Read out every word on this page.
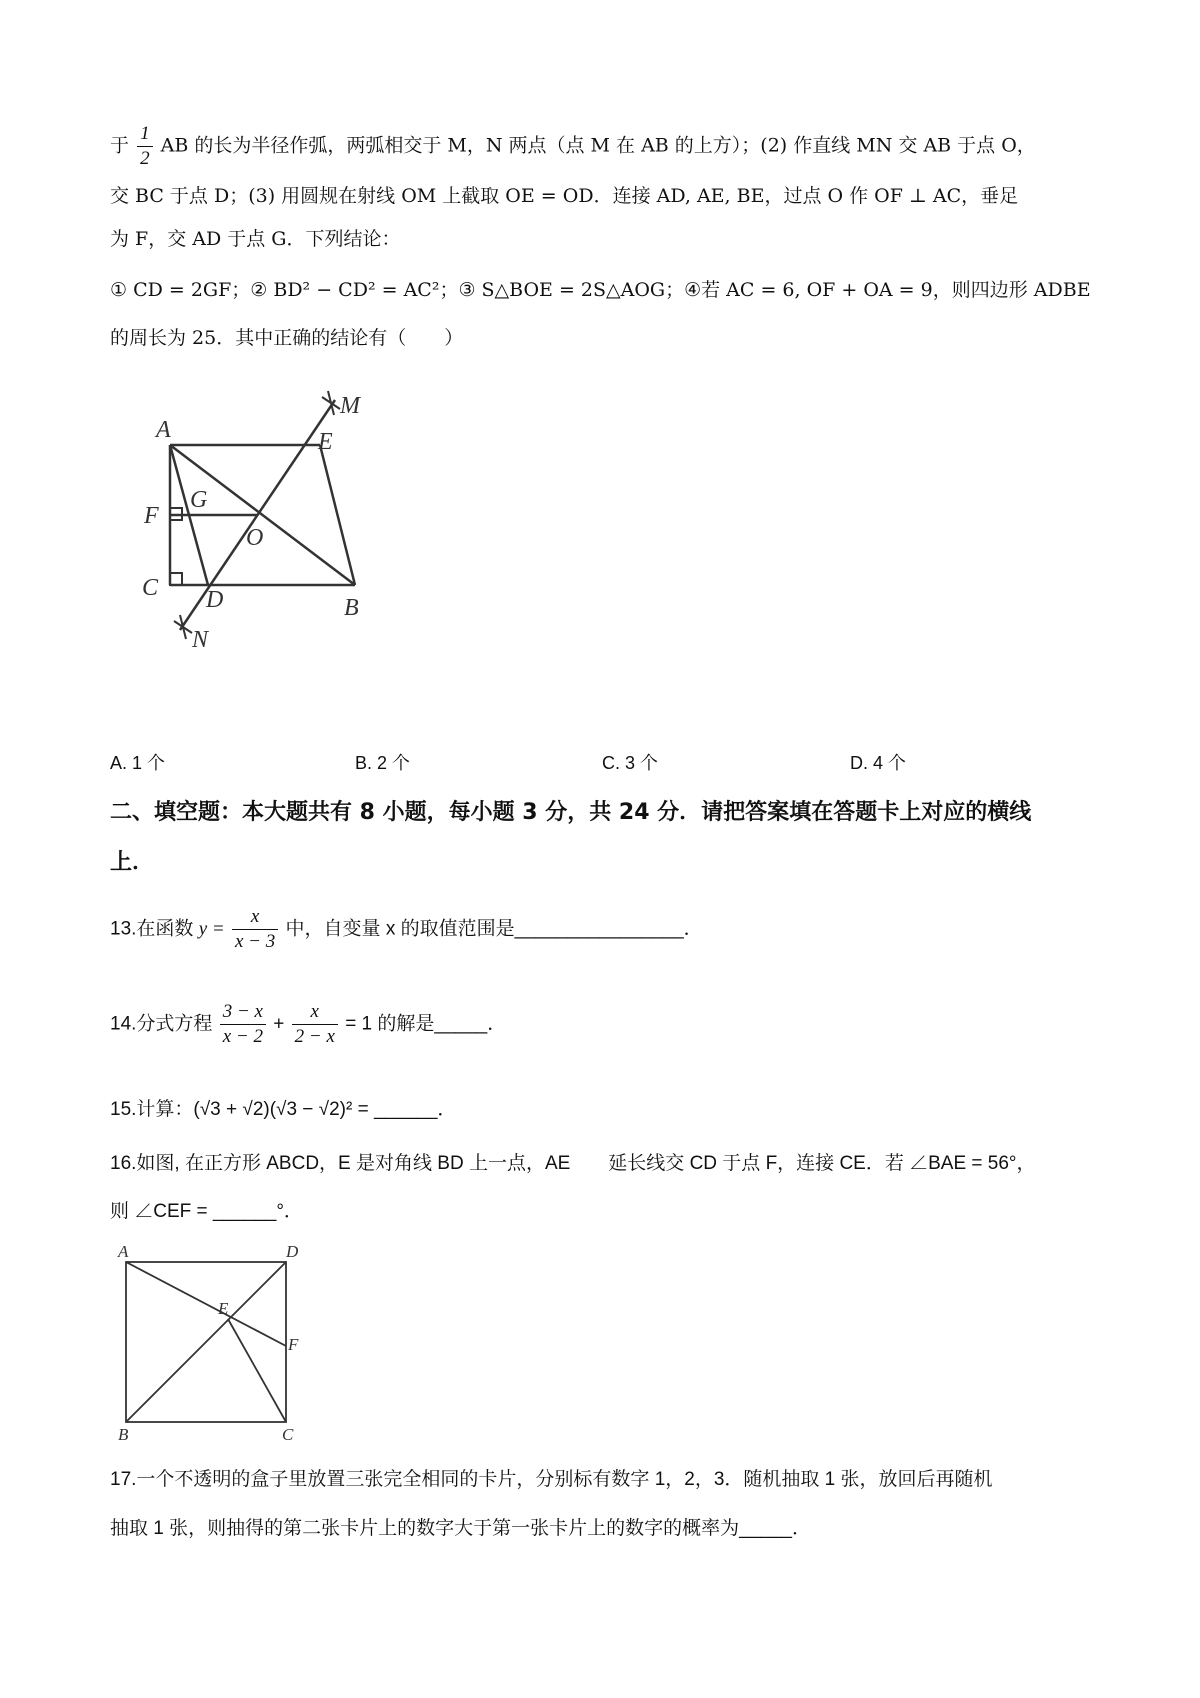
于 $\frac{1}{2}$ AB 的长为半径作弧，两弧相交于 M，N 两点（点 M 在 AB 的上方）；(2) 作直线 MN 交 AB 于点 O，
交 BC 于点 D；(3) 用圆规在射线 OM 上截取 OE = OD．连接 AD, AE, BE，过点 O 作 OF ⊥ AC，垂足
为 F，交 AD 于点 G．下列结论：
① CD = 2GF；② BD² − CD² = AC²；③ S△BOE = 2S△AOG；④若 AC = 6, OF + OA = 9，则四边形 ADBE
的周长为 25．其中正确的结论有（　　）
A	E
M
G
F
O
C D	B
N
A. 1 个	B. 2 个	C. 3 个	D. 4 个
二、填空题：本大题共有 8 小题，每小题 3 分，共 24 分．请把答案填在答题卡上对应的横线
上．
13.在函数 $y = \frac{x}{x - 3}$ 中，自变量 x 的取值范围是________________．
14.分式方程 $\frac{3 - x}{x - 2} + \frac{x}{2 - x} = 1$ 的解是_____．
15.计算：(√3 + √2)(√3 − √2)² = ______．
16.如图, 在正方形 ABCD，E 是对角线 BD 上一点，AE　　延长线交 CD 于点 F，连接 CE．若 ∠BAE = 56°，
则 ∠CEF = ______°．
A	D
E
F
B	C
17.一个不透明的盒子里放置三张完全相同的卡片，分别标有数字 1，2，3．随机抽取 1 张，放回后再随机
抽取 1 张，则抽得的第二张卡片上的数字大于第一张卡片上的数字的概率为_____．
